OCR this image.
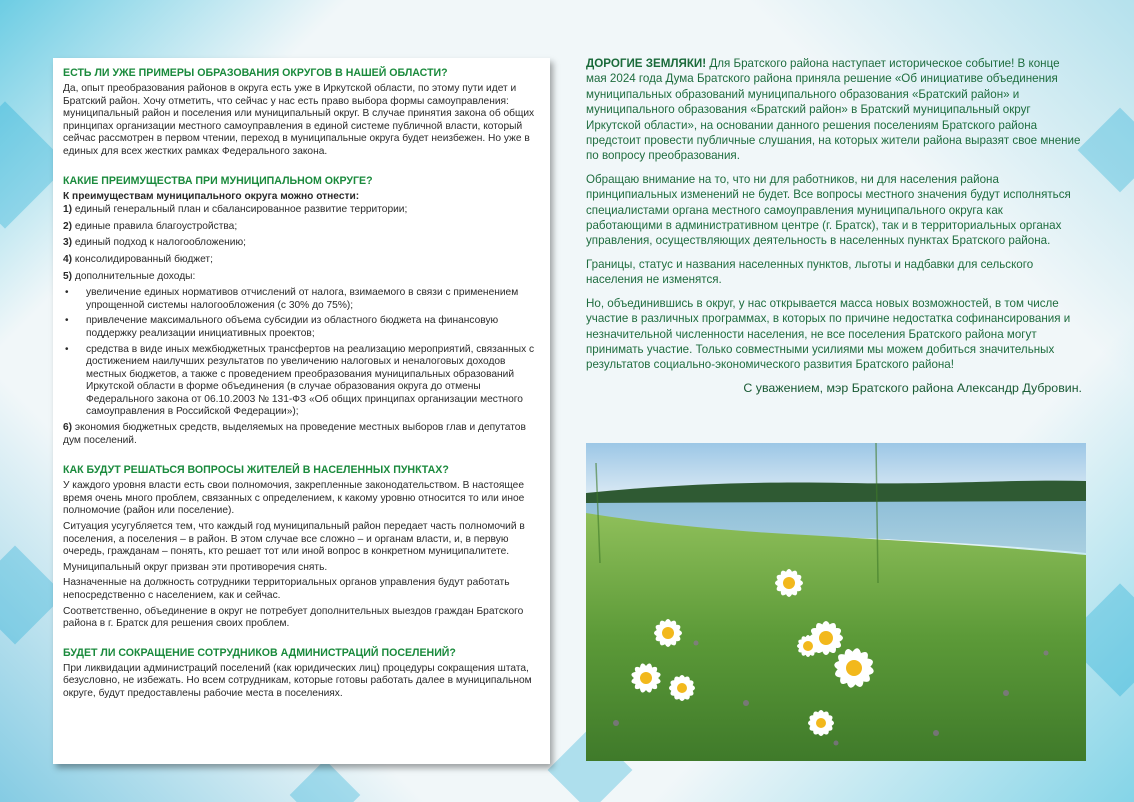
ЕСТЬ ЛИ УЖЕ ПРИМЕРЫ ОБРАЗОВАНИЯ ОКРУГОВ В НАШЕЙ ОБЛАСТИ?
Да, опыт преобразования районов в округа есть уже в Иркутской области, по этому пути идет и Братский район. Хочу отметить, что сейчас у нас есть право выбора формы самоуправления: муниципальный район и поселения или муниципальный округ. В случае принятия закона об общих принципах организации местного самоуправления в единой системе публичной власти, который сейчас рассмотрен в первом чтении, переход в муниципальные округа будет неизбежен. Но уже в единых для всех жестких рамках Федерального закона.
КАКИЕ ПРЕИМУЩЕСТВА ПРИ МУНИЦИПАЛЬНОМ ОКРУГЕ?
К преимуществам муниципального округа можно отнести:
1) единый генеральный план и сбалансированное развитие территории;
2) единые правила благоустройства;
3) единый подход к налогообложению;
4) консолидированный бюджет;
5) дополнительные доходы:
• увеличение единых нормативов отчислений от налога, взимаемого в связи с применением упрощенной системы налогообложения (с 30% до 75%);
• привлечение максимального объема субсидии из областного бюджета на финансовую поддержку реализации инициативных проектов;
• средства в виде иных межбюджетных трансфертов на реализацию мероприятий, связанных с достижением наилучших результатов по увеличению налоговых и неналоговых доходов местных бюджетов, а также с проведением преобразования муниципальных образований Иркутской области в форме объединения (в случае образования округа до отмены Федерального закона от 06.10.2003 № 131-ФЗ «Об общих принципах организации местного самоуправления в Российской Федерации»);
6) экономия бюджетных средств, выделяемых на проведение местных выборов глав и депутатов дум поселений.
КАК БУДУТ РЕШАТЬСЯ ВОПРОСЫ ЖИТЕЛЕЙ В НАСЕЛЕННЫХ ПУНКТАХ?
У каждого уровня власти есть свои полномочия, закрепленные законодательством. В настоящее время очень много проблем, связанных с определением, к какому уровню относится то или иное полномочие (район или поселение).
Ситуация усугубляется тем, что каждый год муниципальный район передает часть полномочий в поселения, а поселения – в район. В этом случае все сложно – и органам власти, и, в первую очередь, гражданам – понять, кто решает тот или иной вопрос в конкретном муниципалитете.
Муниципальный округ призван эти противоречия снять.
Назначенные на должность сотрудники территориальных органов управления будут работать непосредственно с населением, как и сейчас.
Соответственно, объединение в округ не потребует дополнительных выездов граждан Братского района в г. Братск для решения своих проблем.
БУДЕТ ЛИ СОКРАЩЕНИЕ СОТРУДНИКОВ АДМИНИСТРАЦИЙ ПОСЕЛЕНИЙ?
При ликвидации администраций поселений (как юридических лиц) процедуры сокращения штата, безусловно, не избежать. Но всем сотрудникам, которые готовы работать далее в муниципальном округе, будут предоставлены рабочие места в поселениях.
ДОРОГИЕ ЗЕМЛЯКИ! Для Братского района наступает историческое событие! В конце мая 2024 года Дума Братского района приняла решение «Об инициативе объединения муниципальных образований муниципального образования «Братский район» и муниципального образования «Братский район» в Братский муниципальный округ Иркутской области», на основании данного решения поселениям Братского района предстоит провести публичные слушания, на которых жители района выразят свое мнение по вопросу преобразования.
Обращаю внимание на то, что ни для работников, ни для населения района принципиальных изменений не будет. Все вопросы местного значения будут исполняться специалистами органа местного самоуправления муниципального округа как работающими в административном центре (г. Братск), так и в территориальных органах управления, осуществляющих деятельность в населенных пунктах Братского района.
Границы, статус и названия населенных пунктов, льготы и надбавки для сельского населения не изменятся.
Но, объединившись в округ, у нас открывается масса новых возможностей, в том числе участие в различных программах, в которых по причине недостатка софинансирования и незначительной численности населения, не все поселения Братского района могут принимать участие. Только совместными усилиями мы можем добиться значительных результатов социально-экономического развития Братского района!
С уважением, мэр Братского района Александр Дубровин.
